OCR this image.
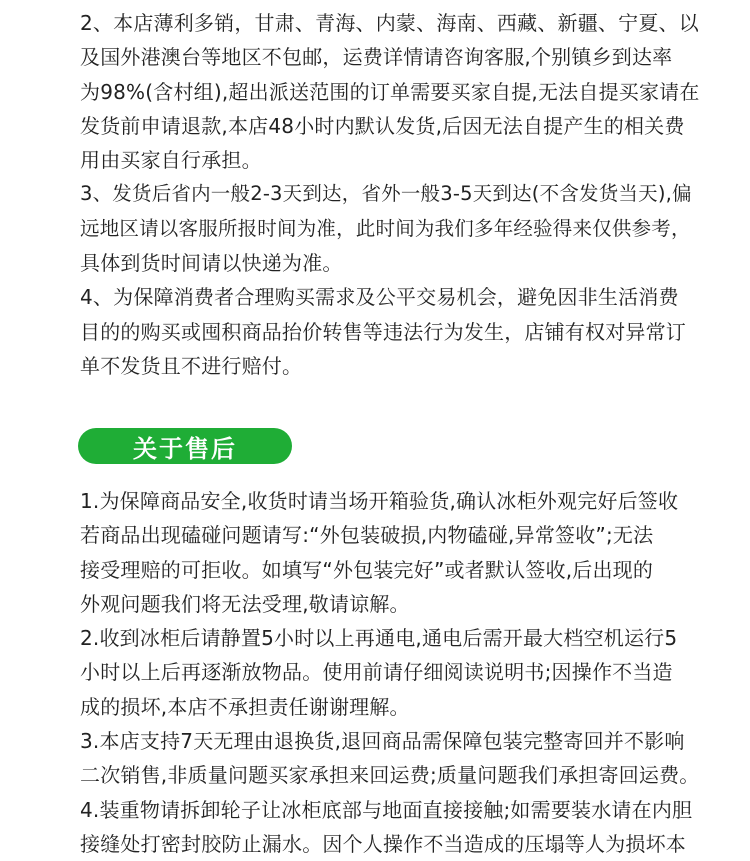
2、本店薄利多销，甘肃、青海、内蒙、海南、西藏、新疆、宁夏、以
及国外港澳台等地区不包邮，运费详情请咨询客服,个别镇乡到达率
为98%(含村组),超出派送范围的订单需要买家自提,无法自提买家请在
发货前申请退款,本店48小时内默认发货,后因无法自提产生的相关费
用由买家自行承担。
3、发货后省内一般2-3天到达，省外一般3-5天到达(不含发货当天),偏
远地区请以客服所报时间为准，此时间为我们多年经验得来仅供参考，
具体到货时间请以快递为准。
4、为保障消费者合理购买需求及公平交易机会，避免因非生活消费
目的的购买或囤积商品抬价转售等违法行为发生，店铺有权对异常订
单不发货且不进行赔付。
关于售后
1.为保障商品安全,收货时请当场开箱验货,确认冰柜外观完好后签收
若商品出现磕碰问题请写:“外包装破损,内物磕碰,异常签收”;无法
接受理赔的可拒收。如填写“外包装完好”或者默认签收,后出现的
外观问题我们将无法受理,敬请谅解。
2.收到冰柜后请静置5小时以上再通电,通电后需开最大档空机运行5
小时以上后再逐渐放物品。使用前请仔细阅读说明书;因操作不当造
成的损坏,本店不承担责任谢谢理解。
3.本店支持7天无理由退换货,退回商品需保障包装完整寄回并不影响
二次销售,非质量问题买家承担来回运费;质量问题我们承担寄回运费。
4.装重物请拆卸轮子让冰柜底部与地面直接接触;如需要装水请在内胆
接缝处打密封胶防止漏水。因个人操作不当造成的压塌等人为损坏本
